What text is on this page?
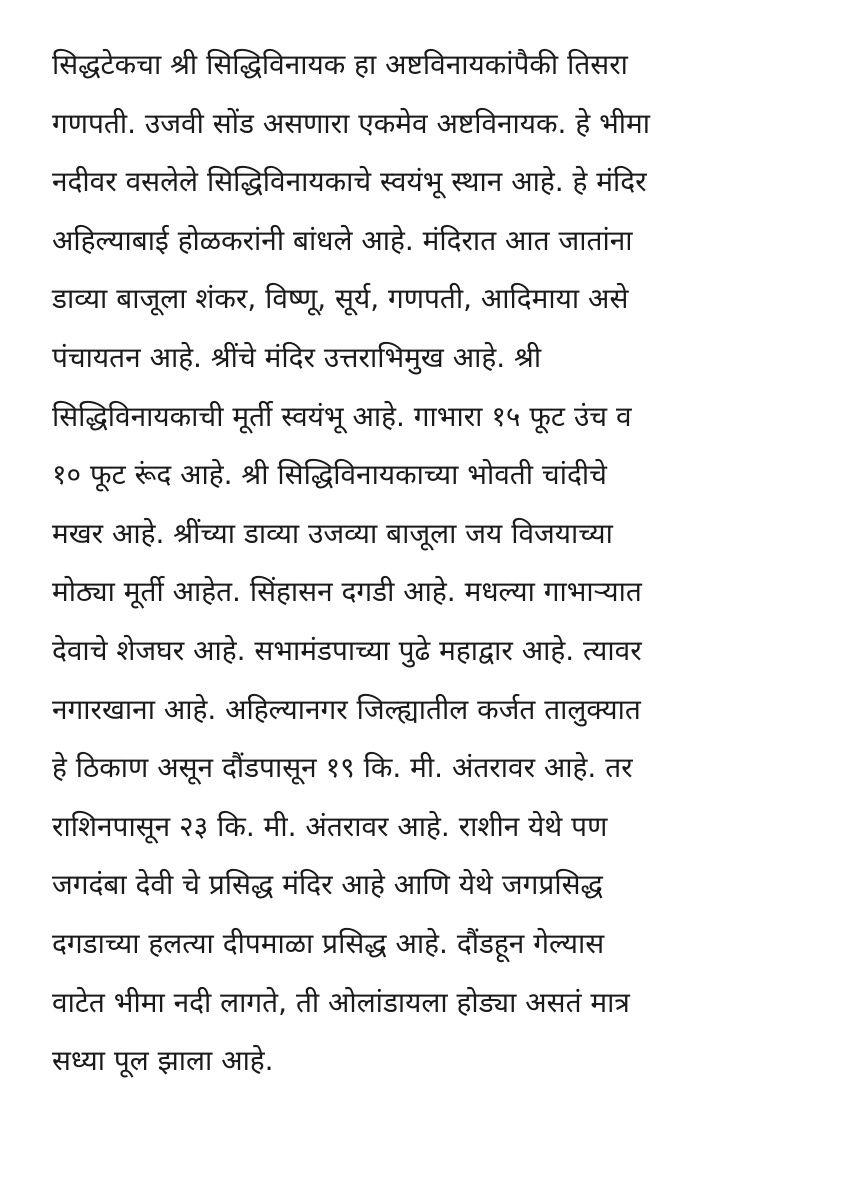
सिद्धटेकचा श्री सिद्धिविनायक हा अष्टविनायकांपैकी तिसरा
गणपती. उजवी सोंड असणारा एकमेव अष्टविनायक. हे भीमा
नदीवर वसलेले सिद्धिविनायकाचे स्वयंभू स्थान आहे. हे मंदिर
अहिल्याबाई होळकरांनी बांधले आहे. मंदिरात आत जातांना
डाव्या बाजूला शंकर, विष्णू, सूर्य, गणपती, आदिमाया असे
पंचायतन आहे. श्रींचे मंदिर उत्तराभिमुख आहे. श्री
सिद्धिविनायकाची मूर्ती स्वयंभू आहे. गाभारा १५ फूट उंच व
१० फूट रूंद आहे. श्री सिद्धिविनायकाच्या भोवती चांदीचे
मखर आहे. श्रींच्या डाव्या उजव्या बाजूला जय विजयाच्या
मोठ्या मूर्ती आहेत. सिंहासन दगडी आहे. मधल्या गाभाऱ्यात
देवाचे शेजघर आहे. सभामंडपाच्या पुढे महाद्वार आहे. त्यावर
नगारखाना आहे. अहिल्यानगर जिल्ह्यातील कर्जत तालुक्यात
हे ठिकाण असून दौंडपासून १९ कि. मी. अंतरावर आहे. तर
राशिनपासून २३ कि. मी. अंतरावर आहे. राशीन येथे पण
जगदंबा देवी चे प्रसिद्ध मंदिर आहे आणि येथे जगप्रसिद्ध
दगडाच्या हलत्या दीपमाळा प्रसिद्ध आहे. दौंडहून गेल्यास
वाटेत भीमा नदी लागते, ती ओलांडायला होड्या असतं मात्र
सध्या पूल झाला आहे.
